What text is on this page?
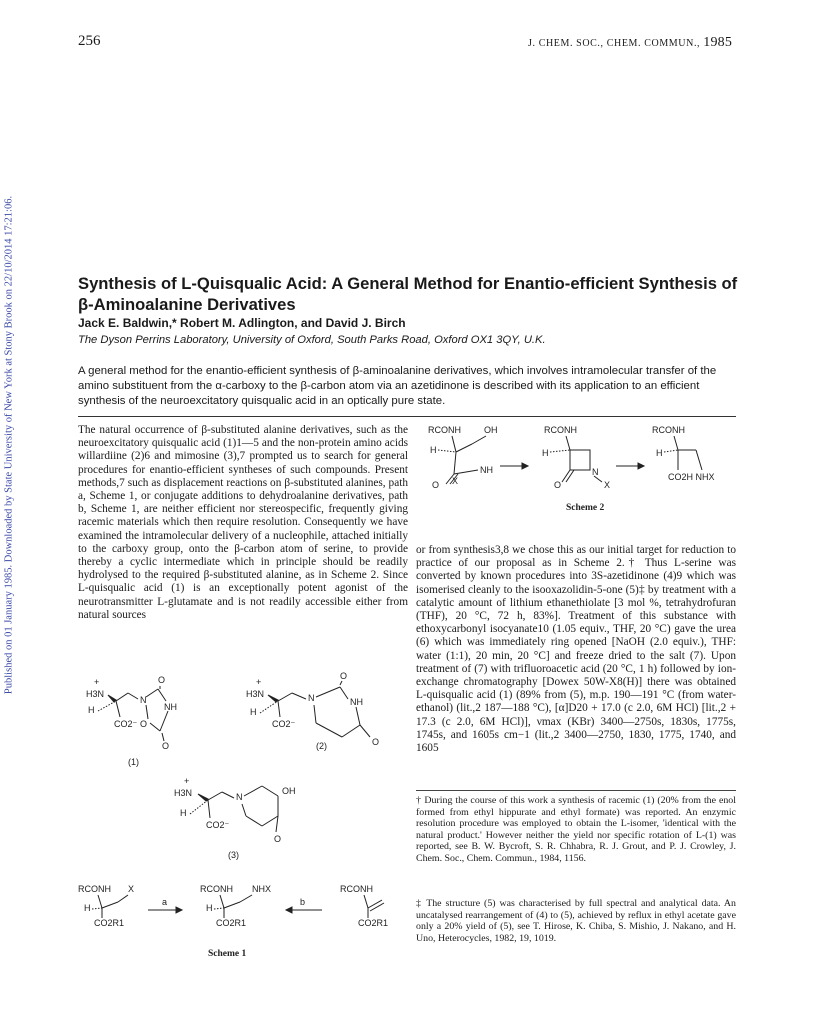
256	J. CHEM. SOC., CHEM. COMMUN., 1985
Published on 01 January 1985. Downloaded by State University of New York at Stony Brook on 22/10/2014 17:21:06.	Synthesis of L-Quisqualic Acid: A General Method for Enantio-efficient Synthesis of β-Aminoalanine Derivatives
Jack E. Baldwin,* Robert M. Adlington, and David J. Birch
The Dyson Perrins Laboratory, University of Oxford, South Parks Road, Oxford OX1 3QY, U.K.
A general method for the enantio-efficient synthesis of β-aminoalanine derivatives, which involves intramolecular transfer of the amino substituent from the α-carboxy to the β-carbon atom via an azetidinone is described with its application to an efficient synthesis of the neuroexcitatory quisqualic acid in an optically pure state.
The natural occurrence of β-substituted alanine derivatives, such as the neuroexcitatory quisqualic acid (1)1—5 and the non-protein amino acids willardiine (2)6 and mimosine (3),7 prompted us to search for general procedures for enantio-efficient syntheses of such compounds. Present methods,7 such as displacement reactions on β-substituted alanines, path a, Scheme 1, or conjugate additions to dehydroalanine derivatives, path b, Scheme 1, are neither efficient nor stereospecific, frequently giving racemic materials which then require resolution. Consequently we have examined the intramolecular delivery of a nucleophile, attached initially to the carboxy group, onto the β-carbon atom of serine, to provide thereby a cyclic intermediate which in principle should be readily hydrolysed to the required β-substituted alanine, as in Scheme 2. Since L-quisqualic acid (1) is an exceptionally potent agonist of the neurotransmitter L-glutamate and is not readily accessible either from natural sources
or from synthesis3,8 we chose this as our initial target for reduction to practice of our proposal as in Scheme 2.† Thus L-serine was converted by known procedures into 3S-azetidinone (4)9 which was isomerised cleanly to the isooxazolidin-5-one (5)‡ by treatment with a catalytic amount of lithium ethanethiolate [3 mol %, tetrahydrofuran (THF), 20 °C, 72 h, 83%]. Treatment of this substance with ethoxycarbonyl isocyanate10 (1.05 equiv., THF, 20 °C) gave the urea (6) which was immediately ring opened [NaOH (2.0 equiv.), THF: water (1:1), 20 min, 20 °C] and freeze dried to the salt (7). Upon treatment of (7) with trifluoroacetic acid (20 °C, 1 h) followed by ion-exchange chromatography [Dowex 50W-X8(H)] there was obtained L-quisqualic acid (1) (89% from (5), m.p. 190—191 °C (from water-ethanol) (lit.,2 187—188 °C), [α]D20 + 17.0 (c 2.0, 6M HCl) [lit.,2 + 17.3 (c 2.0, 6M HCl)], νmax (KBr) 3400—2750s, 1830s, 1775s, 1745s, and 1605s cm−1 (lit.,2 3400—2750, 1830, 1775, 1740, and 1605
† During the course of this work a synthesis of racemic (1) (20% from the enol formed from ethyl hippurate and ethyl formate) was reported. An enzymic resolution procedure was employed to obtain the L-isomer, 'identical with the natural product.' However neither the yield nor specific rotation of L-(1) was reported, see B. W. Bycroft, S. R. Chhabra, R. J. Grout, and P. J. Crowley, J. Chem. Soc., Chem. Commun., 1984, 1156.
‡ The structure (5) was characterised by full spectral and analytical data. An uncatalysed rearrangement of (4) to (5), achieved by reflux in ethyl acetate gave only a 20% yield of (5), see T. Hirose, K. Chiba, S. Mishio, J. Nakano, and H. Uno, Heterocycles, 1982, 19, 1019.
RCONH	OH
H
NH
O X
RCONH
H
N
O	X
RCONH
H
CO2H NHX
Scheme 2
+
H3N
H
CO2⁻
N
NH
O
O
O
(1)
+
H3N
H
CO2⁻
N	NH
O
O
(2)
+
H3N
H
CO2⁻
N
OH
O
(3)
RCONH X
H
CO2R1
a
RCONH NHX
H
CO2R1
b
RCONH
CO2R1
Scheme 1
